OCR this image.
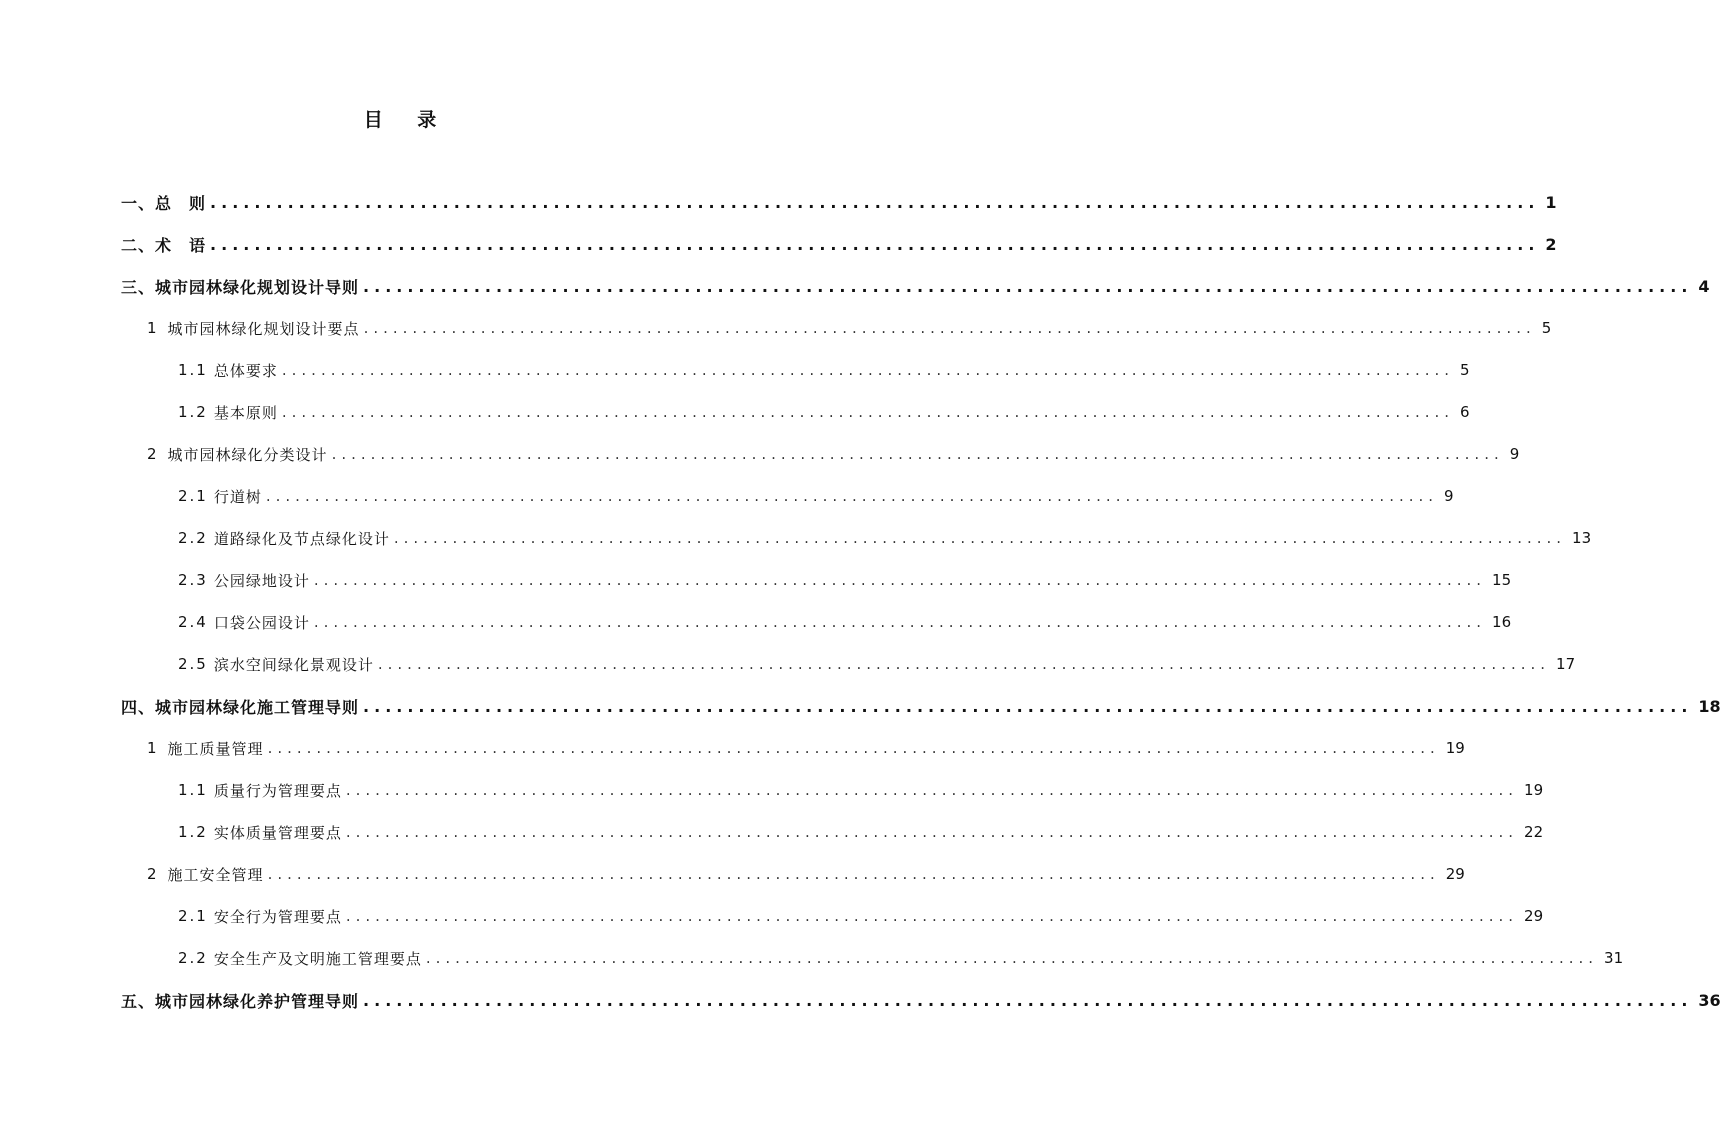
目 录
一、 总　则 ........................................................................................................................ 1
二、 术　语 ........................................................................................................................ 2
三、 城市园林绿化规划设计导则 ........................................................................................................................ 4
1 城市园林绿化规划设计要点 ........................................................................................................................ 5
1.1 总体要求 ........................................................................................................................ 5
1.2 基本原则 ........................................................................................................................ 6
2 城市园林绿化分类设计 ........................................................................................................................ 9
2.1 行道树 ........................................................................................................................ 9
2.2 道路绿化及节点绿化设计 ........................................................................................................................ 13
2.3 公园绿地设计 ........................................................................................................................ 15
2.4 口袋公园设计 ........................................................................................................................ 16
2.5 滨水空间绿化景观设计 ........................................................................................................................ 17
四、 城市园林绿化施工管理导则 ........................................................................................................................ 18
1 施工质量管理 ........................................................................................................................ 19
1.1 质量行为管理要点 ........................................................................................................................ 19
1.2 实体质量管理要点 ........................................................................................................................ 22
2 施工安全管理 ........................................................................................................................ 29
2.1 安全行为管理要点 ........................................................................................................................ 29
2.2 安全生产及文明施工管理要点 ........................................................................................................................ 31
五、 城市园林绿化养护管理导则 ........................................................................................................................ 36
